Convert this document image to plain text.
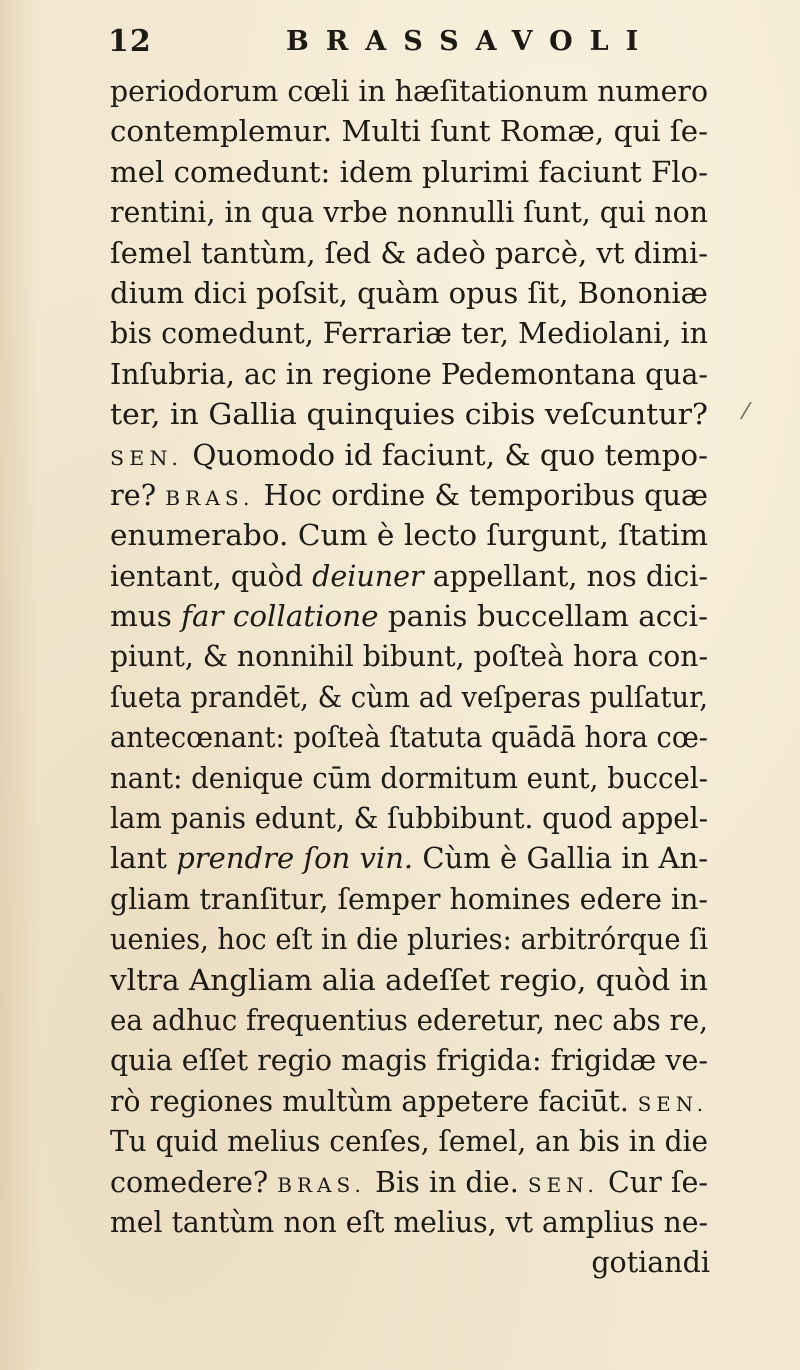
12	BRASSAVOLI
periodorum cœli in hæſitationum numero
contemplemur. Multi ſunt Romæ, qui ſe-
mel comedunt: idem plurimi faciunt Flo-
rentini, in qua vrbe nonnulli ſunt, qui non
ſemel tantùm, ſed & adeò parcè, vt dimi-
dium dici poſsit, quàm opus ſit, Bononiæ
bis comedunt, Ferrariæ ter, Mediolani, in
Inſubria, ac in regione Pedemontana qua-
ter, in Gallia quinquies cibis veſcuntur?
SEN. Quomodo id faciunt, & quo tempo-
re? BRAS. Hoc ordine & temporibus quæ
enumerabo. Cum è lecto ſurgunt, ſtatim
ientant, quòd deiuner appellant, nos dici-
mus far collatione panis buccellam acci-
piunt, & nonnihil bibunt, poſteà hora con-
ſueta prandēt, & cùm ad veſperas pulſatur,
antecœnant: poſteà ſtatuta quādā hora cœ-
nant: denique cūm dormitum eunt, buccel-
lam panis edunt, & ſubbibunt. quod appel-
lant prendre ſon vin. Cùm è Gallia in An-
gliam tranſitur, ſemper homines edere in-
uenies, hoc eſt in die pluries: arbitrórque ſi
vltra Angliam alia adeſſet regio, quòd in
ea adhuc frequentius ederetur, nec abs re,
quia eſſet regio magis frigida: frigidæ ve-
rò regiones multùm appetere faciūt. SEN.
Tu quid melius cenſes, ſemel, an bis in die
comedere? BRAS. Bis in die. SEN. Cur ſe-
mel tantùm non eſt melius, vt amplius ne-
gotiandi
⁄
